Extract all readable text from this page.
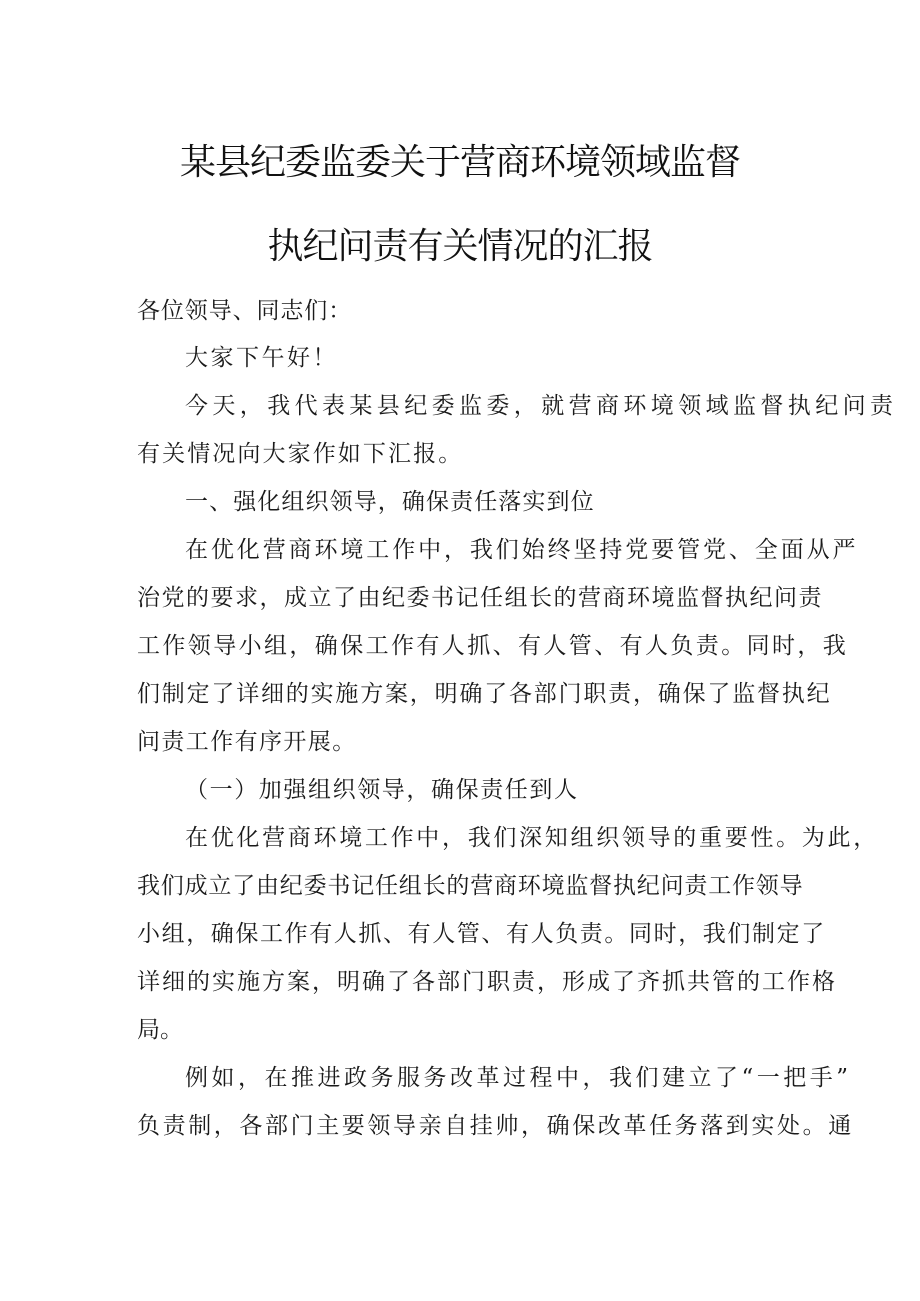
某县纪委监委关于营商环境领域监督
执纪问责有关情况的汇报
各位领导、同志们：
大家下午好！
今天，我代表某县纪委监委，就营商环境领域监督执纪问责
有关情况向大家作如下汇报。
一、强化组织领导，确保责任落实到位
在优化营商环境工作中，我们始终坚持党要管党、全面从严
治党的要求，成立了由纪委书记任组长的营商环境监督执纪问责
工作领导小组，确保工作有人抓、有人管、有人负责。同时，我
们制定了详细的实施方案，明确了各部门职责，确保了监督执纪
问责工作有序开展。
（一）加强组织领导，确保责任到人
在优化营商环境工作中，我们深知组织领导的重要性。为此，
我们成立了由纪委书记任组长的营商环境监督执纪问责工作领导
小组，确保工作有人抓、有人管、有人负责。同时，我们制定了
详细的实施方案，明确了各部门职责，形成了齐抓共管的工作格
局。
例如，在推进政务服务改革过程中，我们建立了“一把手”
负责制，各部门主要领导亲自挂帅，确保改革任务落到实处。通
